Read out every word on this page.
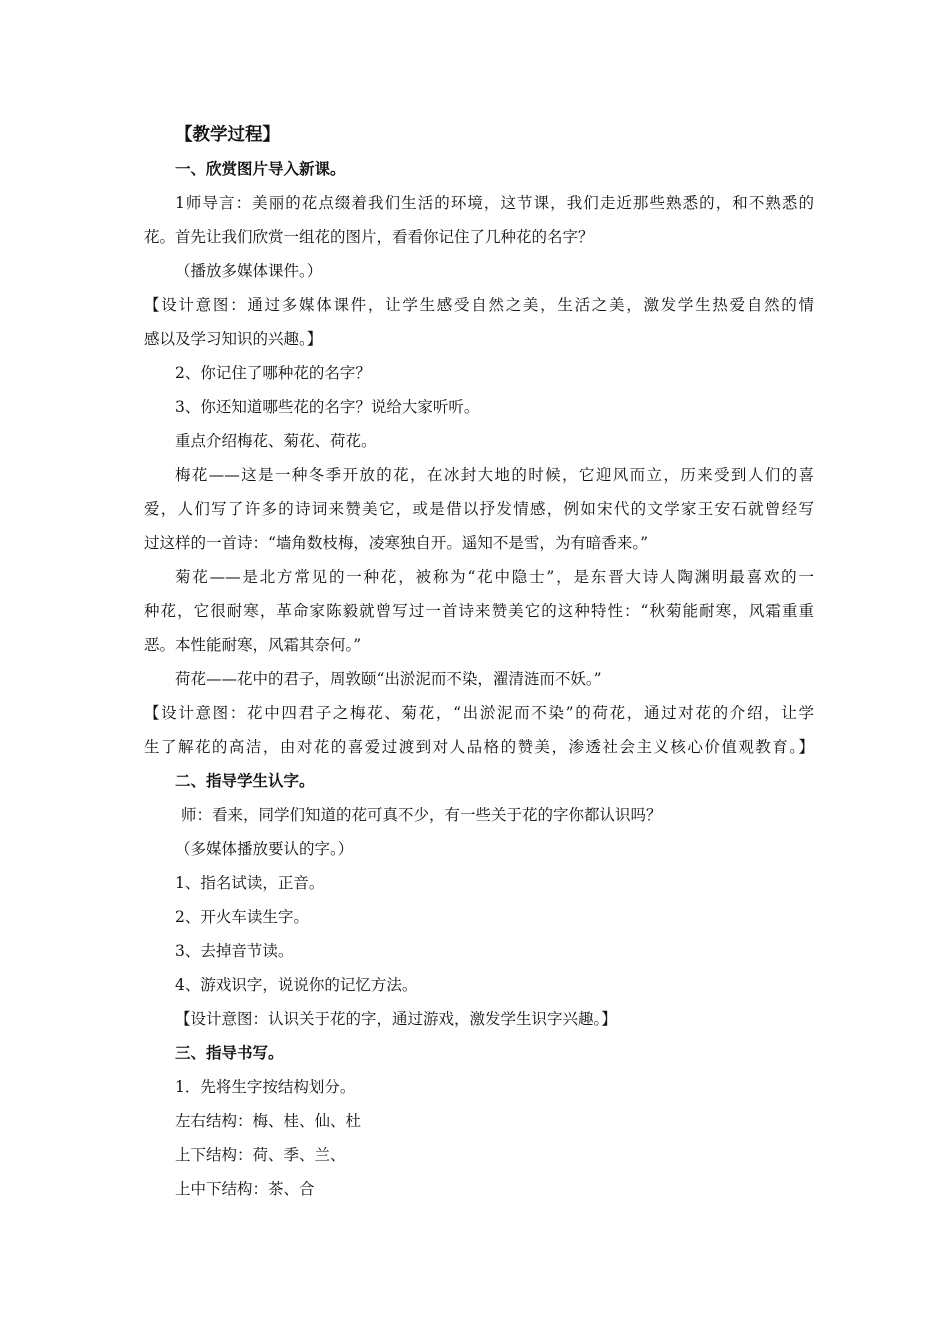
【教学过程】
一、欣赏图片导入新课。
1师导言：美丽的花点缀着我们生活的环境，这节课，我们走近那些熟悉的，和不熟悉的
花。首先让我们欣赏一组花的图片，看看你记住了几种花的名字？
（播放多媒体课件。）
【设计意图：通过多媒体课件，让学生感受自然之美，生活之美，激发学生热爱自然的情
感以及学习知识的兴趣。】
2、你记住了哪种花的名字？
3、你还知道哪些花的名字？说给大家听听。
重点介绍梅花、菊花、荷花。
梅花——这是一种冬季开放的花，在冰封大地的时候，它迎风而立，历来受到人们的喜
爱，人们写了许多的诗词来赞美它，或是借以抒发情感，例如宋代的文学家王安石就曾经写
过这样的一首诗：“墙角数枝梅，凌寒独自开。遥知不是雪，为有暗香来。”
菊花——是北方常见的一种花，被称为“花中隐士”，是东晋大诗人陶渊明最喜欢的一
种花，它很耐寒，革命家陈毅就曾写过一首诗来赞美它的这种特性：“秋菊能耐寒，风霜重重
恶。本性能耐寒，风霜其奈何。”
荷花——花中的君子，周敦颐“出淤泥而不染，濯清涟而不妖。”
【设计意图：花中四君子之梅花、菊花，“出淤泥而不染”的荷花，通过对花的介绍，让学
生了解花的高洁，由对花的喜爱过渡到对人品格的赞美，渗透社会主义核心价值观教育。】
二、指导学生认字。
师：看来，同学们知道的花可真不少，有一些关于花的字你都认识吗？
（多媒体播放要认的字。）
1、指名试读，正音。
2、开火车读生字。
3、去掉音节读。
4、游戏识字，说说你的记忆方法。
【设计意图：认识关于花的字，通过游戏，激发学生识字兴趣。】
三、指导书写。
1．先将生字按结构划分。
左右结构：梅、桂、仙、杜
上下结构：荷、季、兰、
上中下结构：茶、合
